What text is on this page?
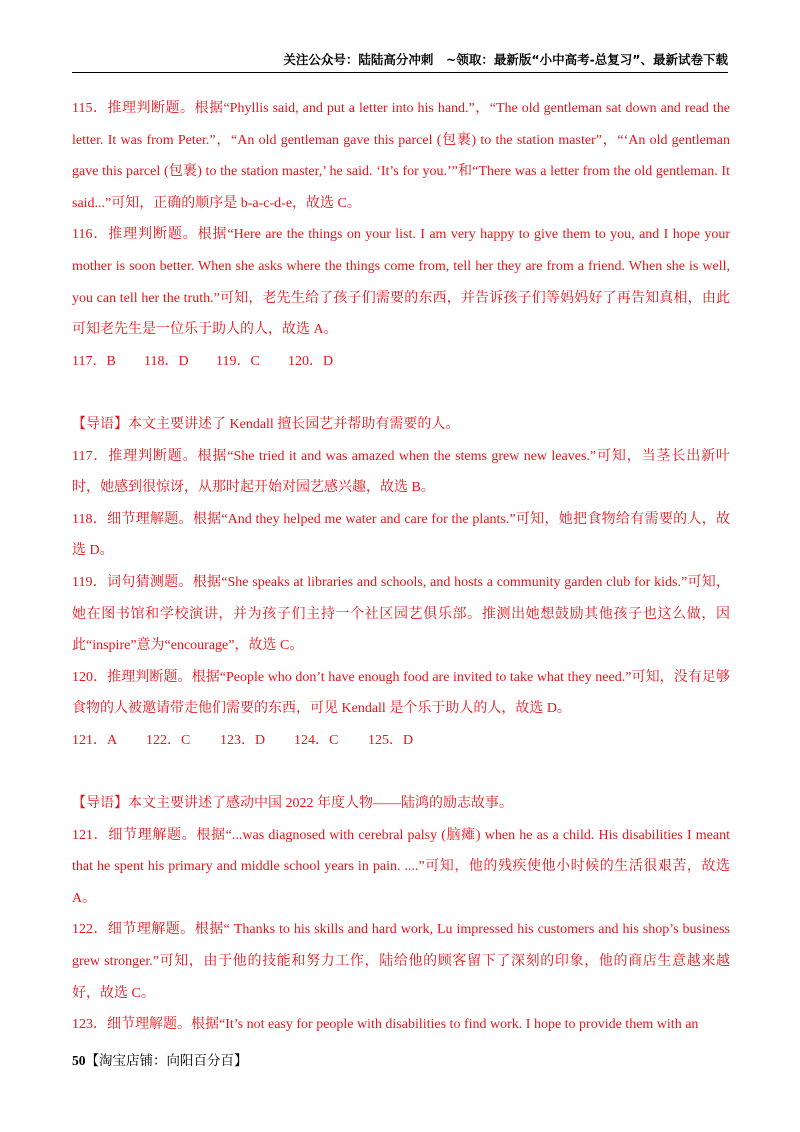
关注公众号：陆陆高分冲刺　~领取：最新版“小中高考-总复习”、最新试卷下载

115．推理判断题。根据“Phyllis said, and put a letter into his hand.”，“The old gentleman sat down and read the letter. It was from Peter.”，“An old gentleman gave this parcel (包裹) to the station master”，“‘An old gentleman gave this parcel (包裹) to the station master,’ he said. ‘It’s for you.’”和“There was a letter from the old gentleman. It said...”可知，正确的顺序是 b-a-c-d-e，故选 C。

116．推理判断题。根据“Here are the things on your list. I am very happy to give them to you, and I hope your mother is soon better. When she asks where the things come from, tell her they are from a friend. When she is well, you can tell her the truth.”可知，老先生给了孩子们需要的东西，并告诉孩子们等妈妈好了再告知真相，由此可知老先生是一位乐于助人的人，故选 A。

117．B 118．D 119．C 120．D

【导语】本文主要讲述了 Kendall 擅长园艺并帮助有需要的人。

117．推理判断题。根据“She tried it and was amazed when the stems grew new leaves.”可知，当茎长出新叶时，她感到很惊讶，从那时起开始对园艺感兴趣，故选 B。

118．细节理解题。根据“And they helped me water and care for the plants.”可知，她把食物给有需要的人，故选 D。

119．词句猜测题。根据“She speaks at libraries and schools, and hosts a community garden club for kids.”可知，她在图书馆和学校演讲，并为孩子们主持一个社区园艺俱乐部。推测出她想鼓励其他孩子也这么做，因此“inspire”意为“encourage”，故选 C。

120．推理判断题。根据“People who don’t have enough food are invited to take what they need.”可知，没有足够食物的人被邀请带走他们需要的东西，可见 Kendall 是个乐于助人的人，故选 D。

121．A 122．C 123．D 124．C 125．D

【导语】本文主要讲述了感动中国 2022 年度人物——陆鸿的励志故事。

121．细节理解题。根据“...was diagnosed with cerebral palsy (脑瘫) when he as a child. His disabilities I meant that he spent his primary and middle school years in pain. ....”可知，他的残疾使他小时候的生活很艰苦，故选 A。

122．细节理解题。根据“ Thanks to his skills and hard work, Lu impressed his customers and his shop’s business grew stronger.”可知，由于他的技能和努力工作，陆给他的顾客留下了深刻的印象，他的商店生意越来越好，故选 C。

123．细节理解题。根据“It’s not easy for people with disabilities to find work. I hope to provide them with an

50【淘宝店铺：向阳百分百】
